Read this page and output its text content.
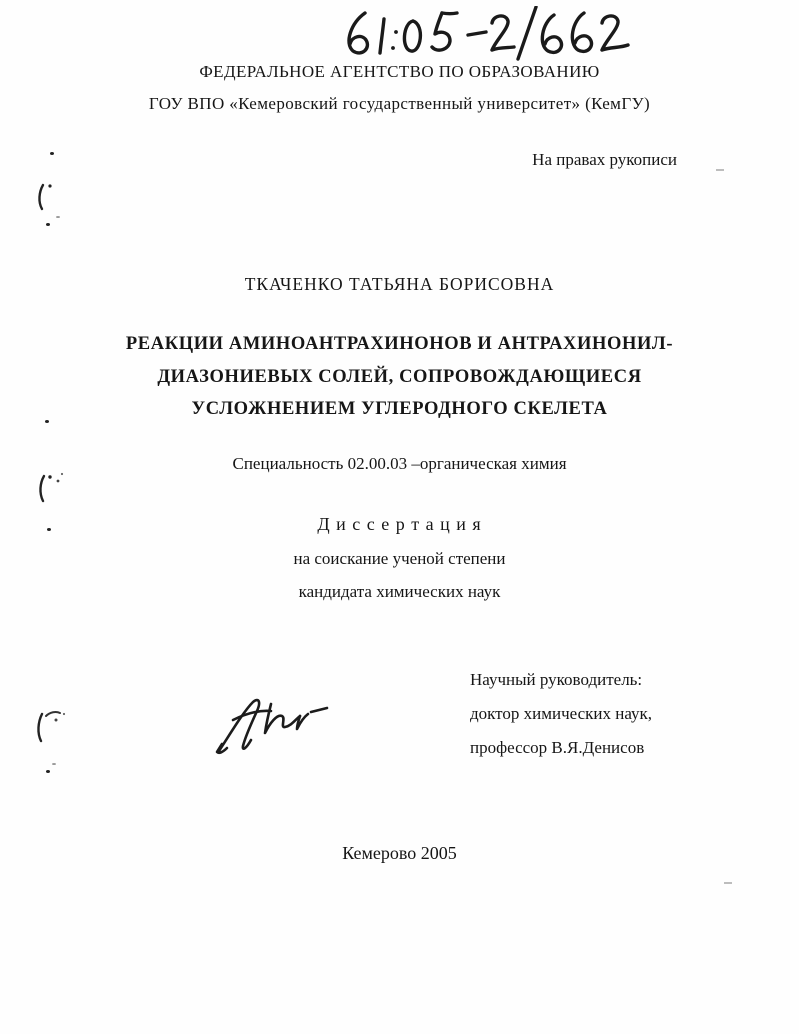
ФЕДЕРАЛЬНОЕ АГЕНТСТВО ПО ОБРАЗОВАНИЮ
ГОУ ВПО «Кемеровский государственный университет» (КемГУ)
На правах рукописи
ТКАЧЕНКО ТАТЬЯНА БОРИСОВНА
РЕАКЦИИ АМИНОАНТРАХИНОНОВ И АНТРАХИНОНИЛ-
ДИАЗОНИЕВЫХ СОЛЕЙ, СОПРОВОЖДАЮЩИЕСЯ
УСЛОЖНЕНИЕМ УГЛЕРОДНОГО СКЕЛЕТА
Специальность 02.00.03 –органическая химия
Д и с с е р т а ц и я
на соискание ученой степени
кандидата химических наук
Научный руководитель:
доктор химических наук,
профессор В.Я.Денисов
Кемерово 2005
